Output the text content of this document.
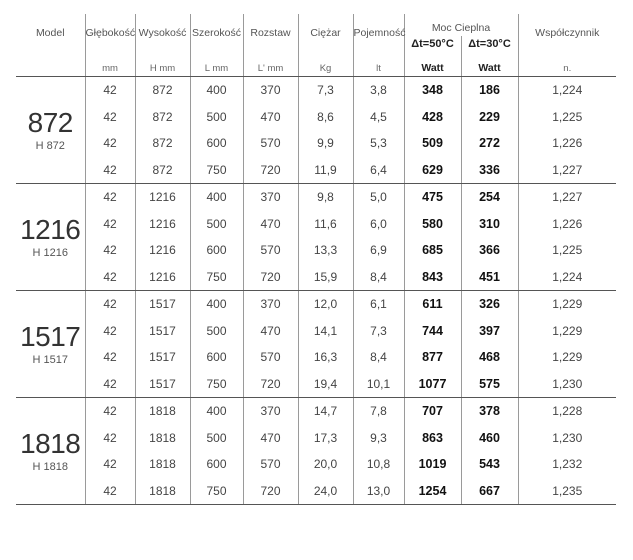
Model	Głębokość	Wysokość	Szerokość	Rozstaw	Ciężar	Pojemność	Moc Cieplna		Współczynnik
							Δt=50°C	Δt=30°C	
	mm	H mm	L mm	L' mm	Kg	lt	Watt	Watt	n.

872
H 872	42	872	400	370	7,3	3,8	348	186	1,224
	42	872	500	470	8,6	4,5	428	229	1,225
	42	872	600	570	9,9	5,3	509	272	1,226
	42	872	750	720	11,9	6,4	629	336	1,227

1216
H 1216	42	1216	400	370	9,8	5,0	475	254	1,227
	42	1216	500	470	11,6	6,0	580	310	1,226
	42	1216	600	570	13,3	6,9	685	366	1,225
	42	1216	750	720	15,9	8,4	843	451	1,224

1517
H 1517	42	1517	400	370	12,0	6,1	611	326	1,229
	42	1517	500	470	14,1	7,3	744	397	1,229
	42	1517	600	570	16,3	8,4	877	468	1,229
	42	1517	750	720	19,4	10,1	1077	575	1,230

1818
H 1818	42	1818	400	370	14,7	7,8	707	378	1,228
	42	1818	500	470	17,3	9,3	863	460	1,230
	42	1818	600	570	20,0	10,8	1019	543	1,232
	42	1818	750	720	24,0	13,0	1254	667	1,235
